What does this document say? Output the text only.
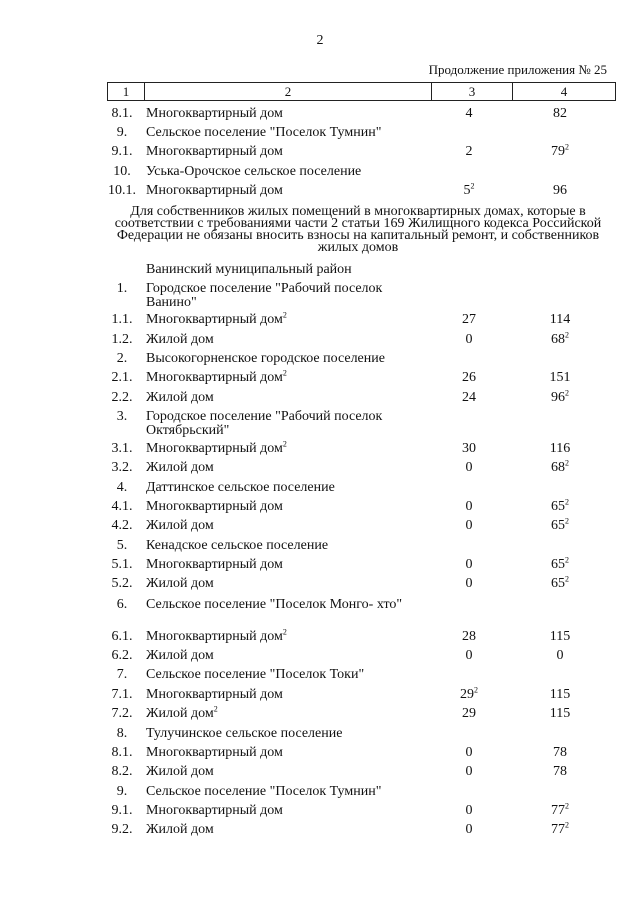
2
Продолжение приложения № 25
1	2	3	4
Для собственников жилых помещений в многоквартирных домах, которые в соответствии с требованиями части 2 статьи 169 Жилищного кодекса Российской Федерации не обязаны вносить взносы на капитальный ремонт, и собственников жилых домов
8.1. Многоквартирный дом	4	82
9.	Сельское поселение "Поселок Тумнин"
9.1. Многоквартирный дом	2	$79^2$
10.	Уська-Орочское сельское поселение
10.1. Многоквартирный дом	$5^2$	96
Ванинский муниципальный район
1.	Городское поселение "Рабочий поселок Ванино"
1.1. Многоквартирный дом$^2$	27	114
1.2. Жилой дом	0	$68^2$
2.	Высокогорненское городское поселение
2.1. Многоквартирный дом$^2$	26	151
2.2. Жилой дом	24	$96^2$
3.	Городское поселение "Рабочий поселок Октябрьский"
3.1. Многоквартирный дом$^2$	30	116
3.2. Жилой дом	0	$68^2$
4.	Даттинское сельское поселение
4.1. Многоквартирный дом	0	$65^2$
4.2. Жилой дом	0	$65^2$
5.	Кенадское сельское поселение
5.1. Многоквартирный дом	0	$65^2$
5.2. Жилой дом	0	$65^2$
6.	Сельское поселение "Поселок Монго- хто"
6.1. Многоквартирный дом$^2$	28	115
6.2. Жилой дом	0	0
7.	Сельское поселение "Поселок Токи"
7.1. Многоквартирный дом	$29^2$	115
7.2. Жилой дом$^2$	29	115
8.	Тулучинское сельское поселение
8.1. Многоквартирный дом	0	78
8.2. Жилой дом	0	78
9.	Сельское поселение "Поселок Тумнин"
9.1. Многоквартирный дом	0	$77^2$
9.2. Жилой дом	0	$77^2$
